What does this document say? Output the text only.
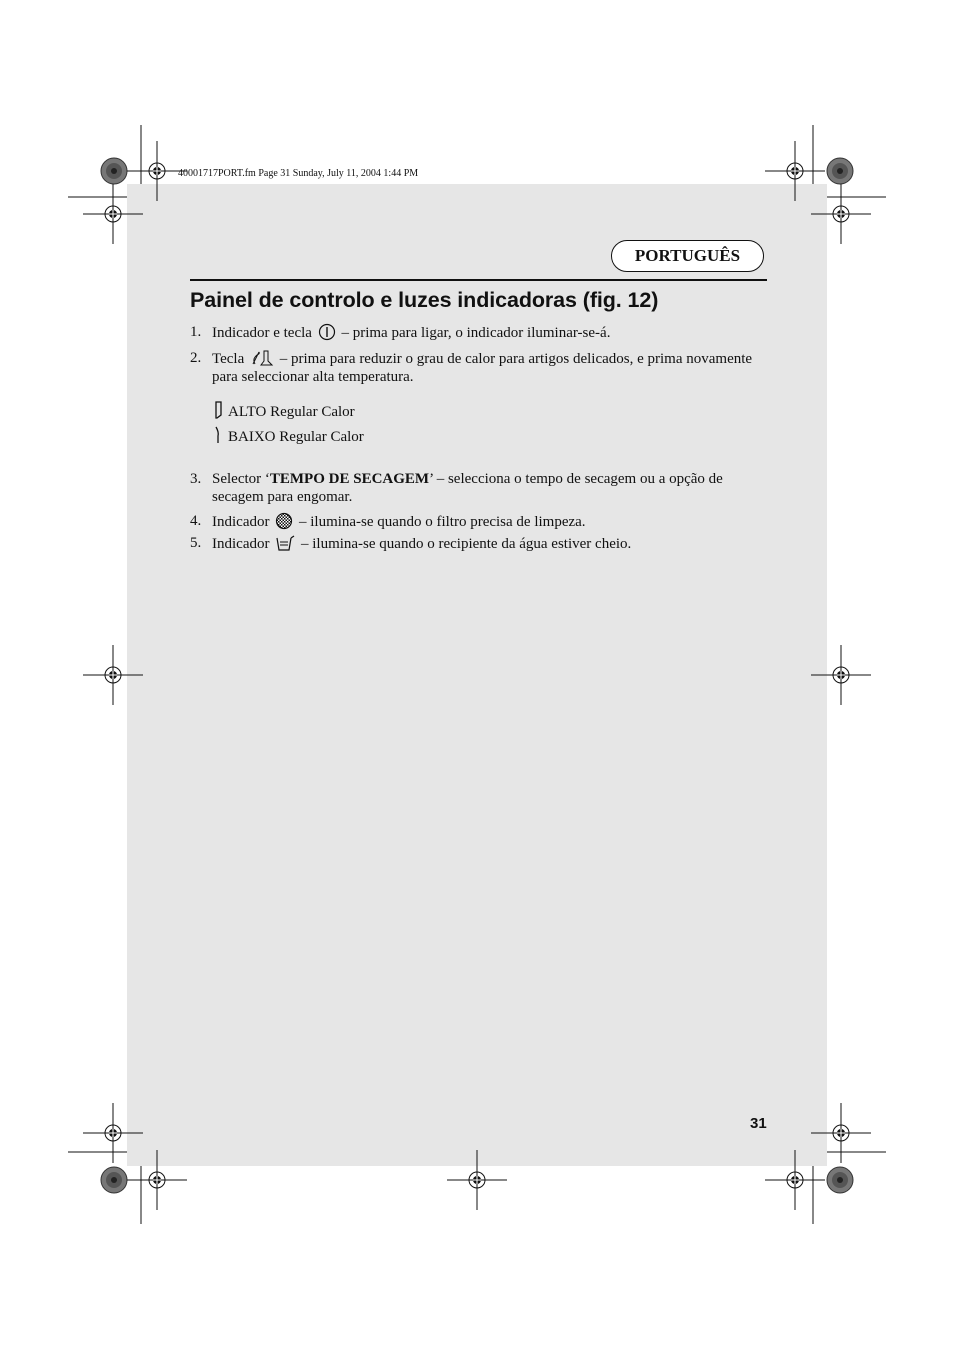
40001717PORT.fm Page 31 Sunday, July 11, 2004 1:44 PM
PORTUGUÊS
Painel de controlo e luzes indicadoras (fig. 12)
1. Indicador e tecla – prima para ligar, o indicador iluminar-se-á.
2. Tecla – prima para reduzir o grau de calor para artigos delicados, e prima novamente para seleccionar alta temperatura.
ALTO Regular Calor
BAIXO Regular Calor
3. Selector ‘TEMPO DE SECAGEM’ – selecciona o tempo de secagem ou a opção de secagem para engomar.
4. Indicador – ilumina-se quando o filtro precisa de limpeza.
5. Indicador – ilumina-se quando o recipiente da água estiver cheio.
31
